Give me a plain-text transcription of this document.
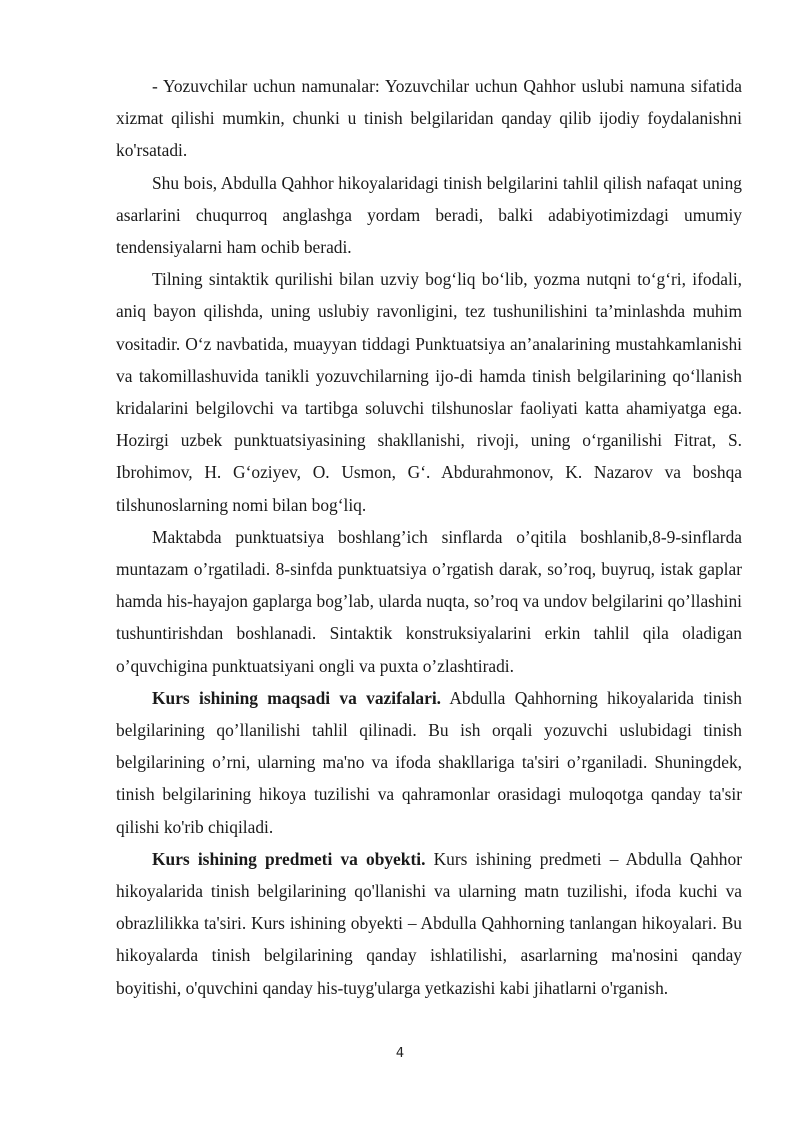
- Yozuvchilar uchun namunalar: Yozuvchilar uchun Qahhor uslubi namuna sifatida xizmat qilishi mumkin, chunki u tinish belgilaridan qanday qilib ijodiy foydalanishni ko'rsatadi.

Shu bois, Abdulla Qahhor hikoyalaridagi tinish belgilarini tahlil qilish nafaqat uning asarlarini chuqurroq anglashga yordam beradi, balki adabiyotimizdagi umumiy tendensiyalarni ham ochib beradi.

Tilning sintaktik qurilishi bilan uzviy bog‘liq bo‘lib, yozma nutqni to‘g‘ri, ifodali, aniq bayon qilishda, uning uslubiy ravonligini, tez tushunilishini ta’minlashda muhim vositadir. O‘z navbatida, muayyan tiddagi Punktuatsiya an’analarining mustahkamlanishi va takomillashuvida tanikli yozuvchilarning ijo-di hamda tinish belgilarining qo‘llanish kridalarini belgilovchi va tartibga soluvchi tilshunoslar faoliyati katta ahamiyatga ega. Hozirgi uzbek punktuatsiyasining shakllanishi, rivoji, uning o‘rganilishi Fitrat, S. Ibrohimov, H. G‘oziyev, O. Usmon, G‘. Abdurahmonov, K. Nazarov va boshqa tilshunoslarning nomi bilan bog‘liq.

Maktabda punktuatsiya boshlang’ich sinflarda o’qitila boshlanib,8-9-sinflarda muntazam o’rgatiladi. 8-sinfda punktuatsiya o’rgatish darak, so’roq, buyruq, istak gaplar hamda his-hayajon gaplarga bog’lab, ularda nuqta, so’roq va undov belgilarini qo’llashini tushuntirishdan boshlanadi. Sintaktik konstruksiyalarini erkin tahlil qila oladigan o’quvchigina punktuatsiyani ongli va puxta o’zlashtiradi.

Kurs ishining maqsadi va vazifalari. Abdulla Qahhorning hikoyalarida tinish belgilarining qo’llanilishi tahlil qilinadi. Bu ish orqali yozuvchi uslubidagi tinish belgilarining o’rni, ularning ma'no va ifoda shakllariga ta'siri o’rganiladi. Shuningdek, tinish belgilarining hikoya tuzilishi va qahramonlar orasidagi muloqotga qanday ta'sir qilishi ko'rib chiqiladi.

Kurs ishining predmeti va obyekti. Kurs ishining predmeti – Abdulla Qahhor hikoyalarida tinish belgilarining qo'llanishi va ularning matn tuzilishi, ifoda kuchi va obrazlilikka ta'siri. Kurs ishining obyekti – Abdulla Qahhorning tanlangan hikoyalari. Bu hikoyalarda tinish belgilarining qanday ishlatilishi, asarlarning ma'nosini qanday boyitishi, o'quvchini qanday his-tuyg'ularga yetkazishi kabi jihatlarni o'rganish.

4
